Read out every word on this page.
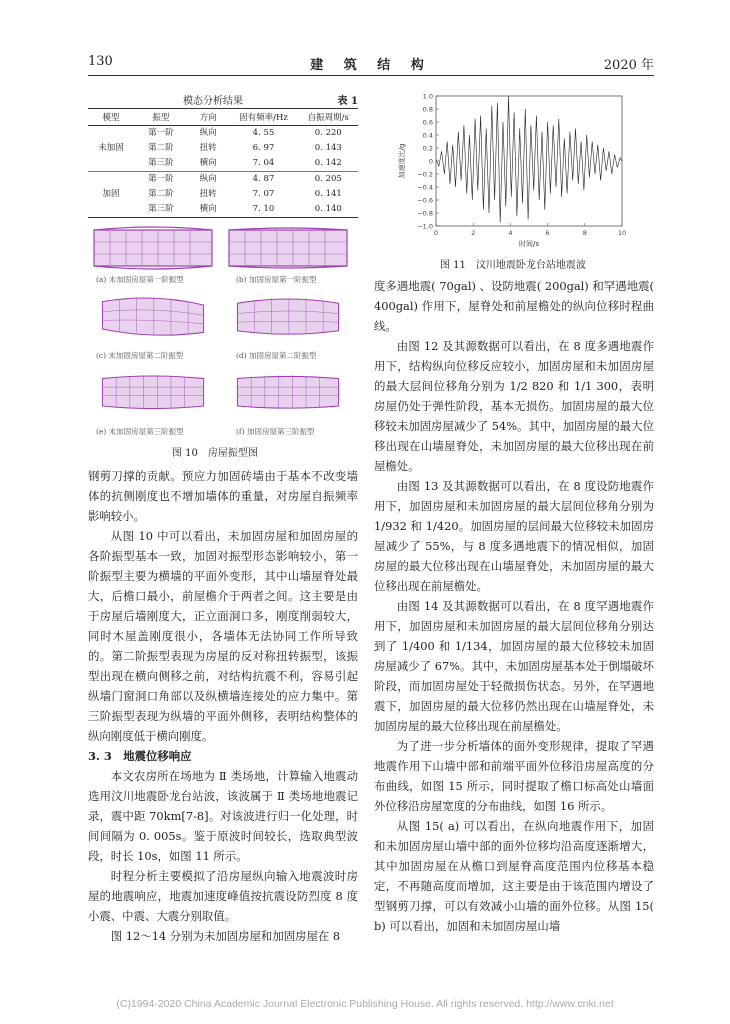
130	建 筑 结 构	2020 年
模态分析结果	表 1
模型	振型	方向	固有频率/Hz	自振周期/s
未加固	第一阶	纵向	4. 55	0. 220
	第二阶	扭转	6. 97	0. 143
	第三阶	横向	7. 04	0. 142
加固	第一阶	纵向	4. 87	0. 205
	第二阶	扭转	7. 07	0. 141
	第三阶	横向	7. 10	0. 140
(a) 未加固房屋第一阶振型	(b) 加固房屋第一阶振型
(c) 未加固房屋第二阶振型	(d) 加固房屋第二阶振型
(e) 未加固房屋第三阶振型	(f) 加固房屋第三阶振型
图 10　房屋振型图

钢剪刀撑的贡献。预应力加固砖墙由于基本不改变墙体的抗侧刚度也不增加墙体的重量，对房屋自振频率影响较小。

从图 10 中可以看出，未加固房屋和加固房屋的各阶振型基本一致，加固对振型形态影响较小，第一阶振型主要为横墙的平面外变形，其中山墙屋脊处最大，后檐口最小，前屋檐介于两者之间。这主要是由于房屋后墙刚度大，正立面洞口多，刚度削弱较大，同时木屋盖刚度很小，各墙体无法协同工作所导致的。第二阶振型表现为房屋的反对称扭转振型，该振型出现在横向侧移之前，对结构抗震不利，容易引起纵墙门窗洞口角部以及纵横墙连接处的应力集中。第三阶振型表现为纵墙的平面外侧移，表明结构整体的纵向刚度低于横向刚度。

3. 3　地震位移响应

本文农房所在场地为 Ⅱ 类场地，计算输入地震动选用汶川地震卧龙台站波，该波属于 Ⅱ 类场地地震记录，震中距 70km[7-8]。对该波进行归一化处理，时间间隔为 0. 005s。鉴于原波时间较长，选取典型波段，时长 10s，如图 11 所示。

时程分析主要模拟了沿房屋纵向输入地震波时房屋的地震响应，地震加速度峰值按抗震设防烈度 8 度小震、中震、大震分别取值。

图 12～14 分别为未加固房屋和加固房屋在 8

1.0
0.8
0.6
0.4
0.2
0
−0.2
−0.4
−0.6
−0.8
−1.0
0	2	4	6	8	10
时间/s
加速度比/g
图 11　汶川地震卧龙台站地震波

度多遇地震( 70gal) 、设防地震( 200gal) 和罕遇地震( 400gal) 作用下，屋脊处和前屋檐处的纵向位移时程曲线。

由图 12 及其源数据可以看出，在 8 度多遇地震作用下，结构纵向位移反应较小，加固房屋和未加固房屋的最大层间位移角分别为 1/2 820 和 1/1 300，表明房屋仍处于弹性阶段，基本无损伤。加固房屋的最大位移较未加固房屋减少了 54%。其中，加固房屋的最大位移出现在山墙屋脊处，未加固房屋的最大位移出现在前屋檐处。

由图 13 及其源数据可以看出，在 8 度设防地震作用下，加固房屋和未加固房屋的最大层间位移角分别为 1/932 和 1/420。加固房屋的层间最大位移较未加固房屋减少了 55%，与 8 度多遇地震下的情况相似，加固房屋的最大位移出现在山墙屋脊处，未加固房屋的最大位移出现在前屋檐处。

由图 14 及其源数据可以看出，在 8 度罕遇地震作用下，加固房屋和未加固房屋的最大层间位移角分别达到了 1/400 和 1/134，加固房屋的最大位移较未加固房屋减少了 67%。其中，未加固房屋基本处于倒塌破坏阶段，而加固房屋处于轻微损伤状态。另外，在罕遇地震下，加固房屋的最大位移仍然出现在山墙屋脊处，未加固房屋的最大位移出现在前屋檐处。

为了进一步分析墙体的面外变形规律，提取了罕遇地震作用下山墙中部和前端平面外位移沿房屋高度的分布曲线，如图 15 所示，同时提取了檐口标高处山墙面外位移沿房屋宽度的分布曲线，如图 16 所示。

从图 15( a) 可以看出，在纵向地震作用下，加固和未加固房屋山墙中部的面外位移均沿高度逐渐增大，其中加固房屋在从檐口到屋脊高度范围内位移基本稳定，不再随高度而增加，这主要是由于该范围内增设了型钢剪刀撑，可以有效减小山墙的面外位移。从图 15( b) 可以看出，加固和未加固房屋山墙

(C)1994-2020 China Academic Journal Electronic Publishing House. All rights reserved. http://www.cnki.net
